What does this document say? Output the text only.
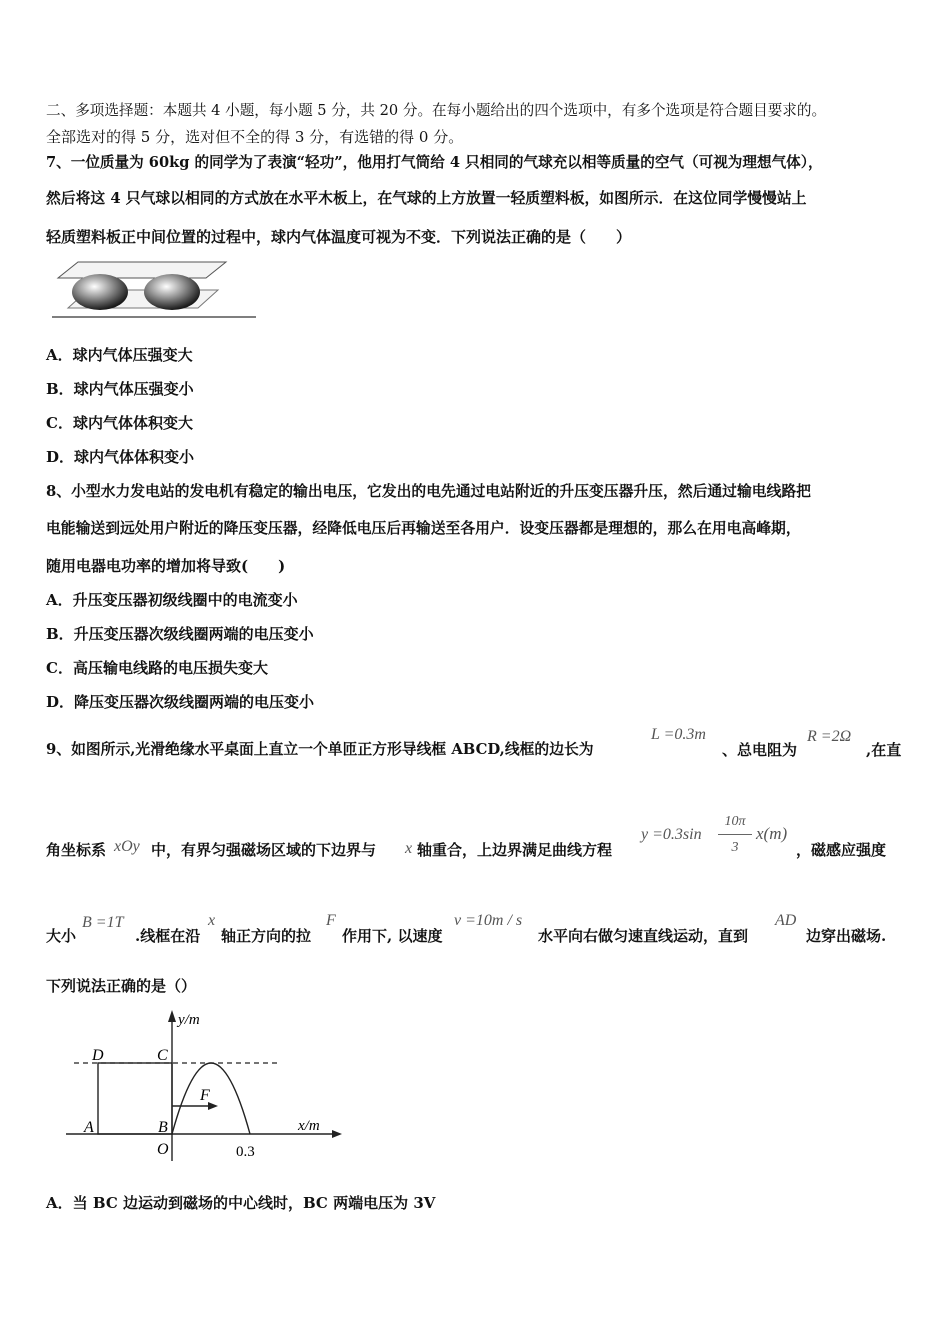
二、多项选择题：本题共 4 小题，每小题 5 分，共 20 分。在每小题给出的四个选项中，有多个选项是符合题目要求的。
全部选对的得 5 分，选对但不全的得 3 分，有选错的得 0 分。
7、一位质量为 60kg 的同学为了表演“轻功”，他用打气筒给 4 只相同的气球充以相等质量的空气（可视为理想气体），
然后将这 4 只气球以相同的方式放在水平木板上，在气球的上方放置一轻质塑料板，如图所示．在这位同学慢慢站上
轻质塑料板正中间位置的过程中，球内气体温度可视为不变．下列说法正确的是（　　）
A．球内气体压强变大
B．球内气体压强变小
C．球内气体体积变大
D．球内气体体积变小
8、小型水力发电站的发电机有稳定的输出电压，它发出的电先通过电站附近的升压变压器升压，然后通过输电线路把
电能输送到远处用户附近的降压变压器，经降低电压后再输送至各用户．设变压器都是理想的，那么在用电高峰期，
随用电器电功率的增加将导致(　　)
A．升压变压器初级线圈中的电流变小
B．升压变压器次级线圈两端的电压变小
C．高压输电线路的电压损失变大
D．降压变压器次级线圈两端的电压变小
9、如图所示,光滑绝缘水平桌面上直立一个单匝正方形导线框 ABCD,线框的边长为
L =0.3m
、总电阻为
R =2Ω
,在直
角坐标系 xOy 中，有界匀强磁场区域的下边界与 x 轴重合，上边界满足曲线方程
y =0.3sin
10π
3
x(m)
，磁感应强度
大小
B =1T
.线框在沿
x
轴正方向的拉
F
作用下, 以速度
v =10m / s
水平向右做匀速直线运动，直到
AD
边穿出磁场.
下列说法正确的是（）
y/m
x/m
D	C
A	B
O
F
0.3
A．当 BC 边运动到磁场的中心线时，BC 两端电压为 3V
